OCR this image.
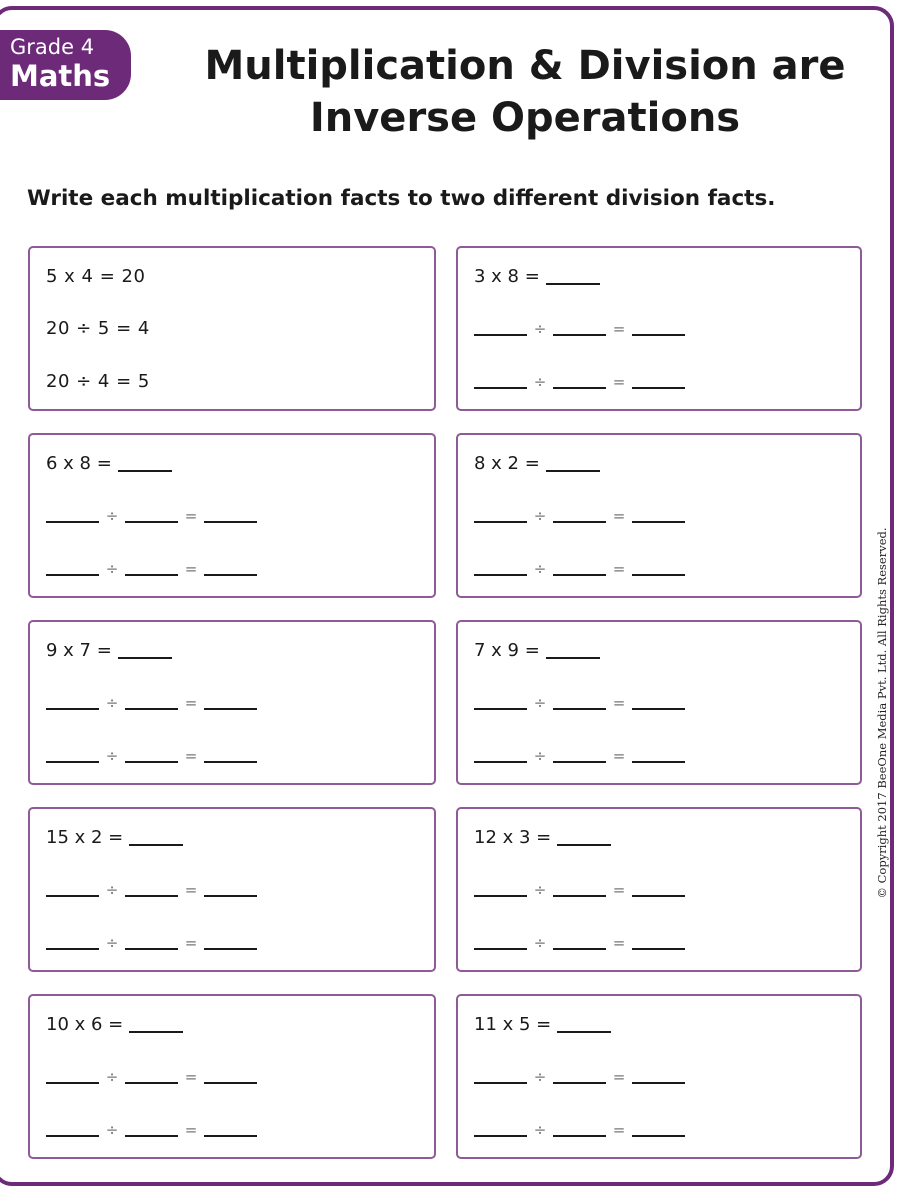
Grade 4
Maths	Multiplication & Division are
Inverse Operations
Write each multiplication facts to two different division facts.
5 x 4 = 20
20 ÷ 5 = 4
20 ÷ 4 = 5
3 x 8 =
÷	=
÷	=
6 x 8 =
÷	=
÷	=
8 x 2 =
÷	=
÷	=
9 x 7 =
÷	=
÷	=
7 x 9 =
÷	=
÷	=
15 x 2 =
÷	=
÷	=
12 x 3 =
÷	=
÷	=
10 x 6 =
÷	=
÷	=
11 x 5 =
÷	=
÷	=
© Copyright 2017 BeeOne Media Pvt. Ltd. All Rights Reserved.
